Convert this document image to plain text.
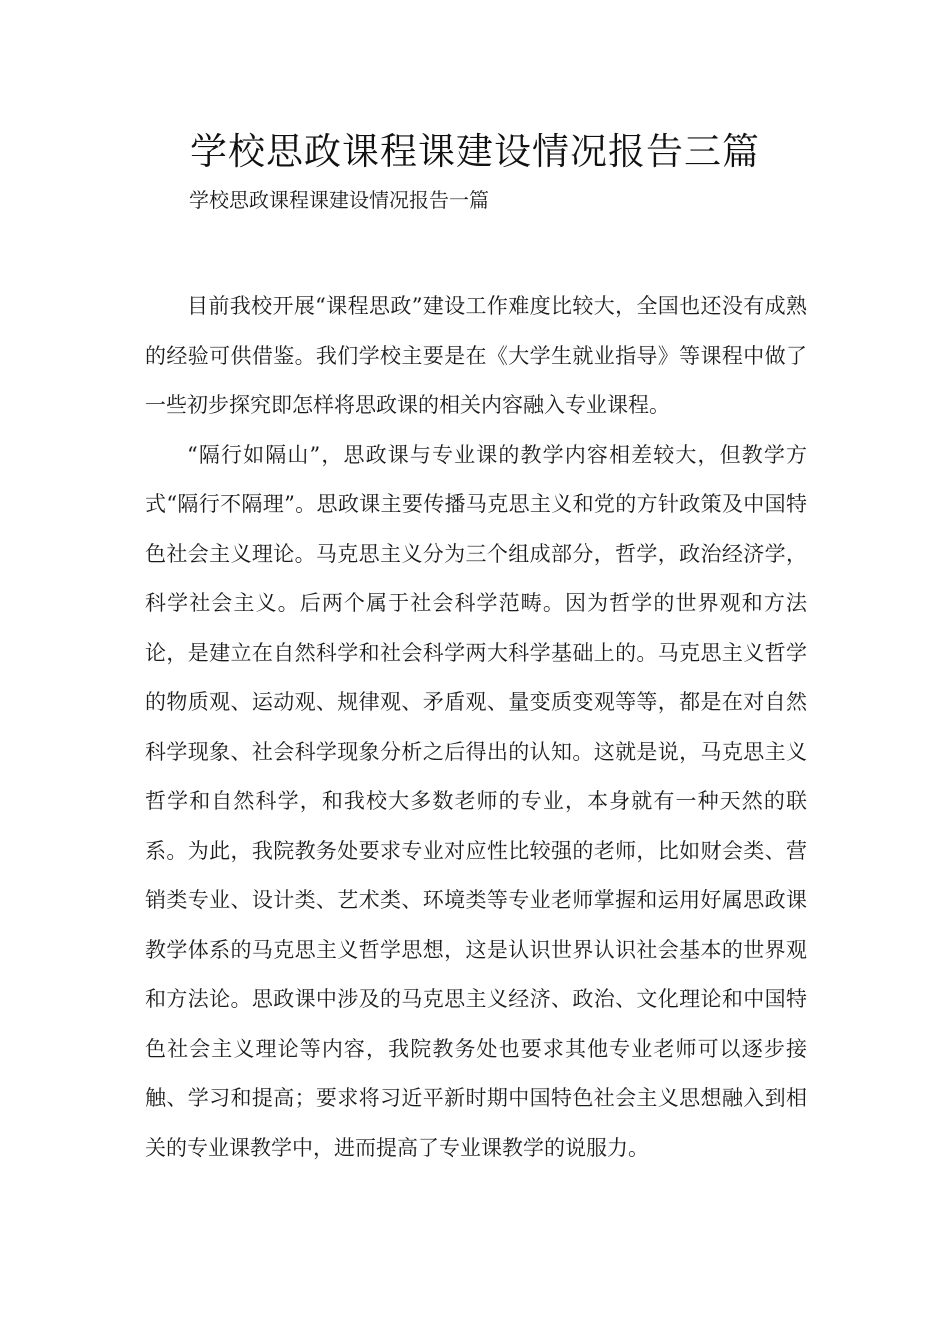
学校思政课程课建设情况报告三篇

学校思政课程课建设情况报告一篇

目前我校开展“课程思政”建设工作难度比较大，全国也还没有成熟的经验可供借鉴。我们学校主要是在《大学生就业指导》等课程中做了一些初步探究即怎样将思政课的相关内容融入专业课程。

“隔行如隔山”，思政课与专业课的教学内容相差较大，但教学方式“隔行不隔理”。思政课主要传播马克思主义和党的方针政策及中国特色社会主义理论。马克思主义分为三个组成部分，哲学，政治经济学，科学社会主义。后两个属于社会科学范畴。因为哲学的世界观和方法论，是建立在自然科学和社会科学两大科学基础上的。马克思主义哲学的物质观、运动观、规律观、矛盾观、量变质变观等等，都是在对自然科学现象、社会科学现象分析之后得出的认知。这就是说，马克思主义哲学和自然科学，和我校大多数老师的专业，本身就有一种天然的联系。为此，我院教务处要求专业对应性比较强的老师，比如财会类、营销类专业、设计类、艺术类、环境类等专业老师掌握和运用好属思政课教学体系的马克思主义哲学思想，这是认识世界认识社会基本的世界观和方法论。思政课中涉及的马克思主义经济、政治、文化理论和中国特色社会主义理论等内容，我院教务处也要求其他专业老师可以逐步接触、学习和提高；要求将习近平新时期中国特色社会主义思想融入到相关的专业课教学中，进而提高了专业课教学的说服力。
